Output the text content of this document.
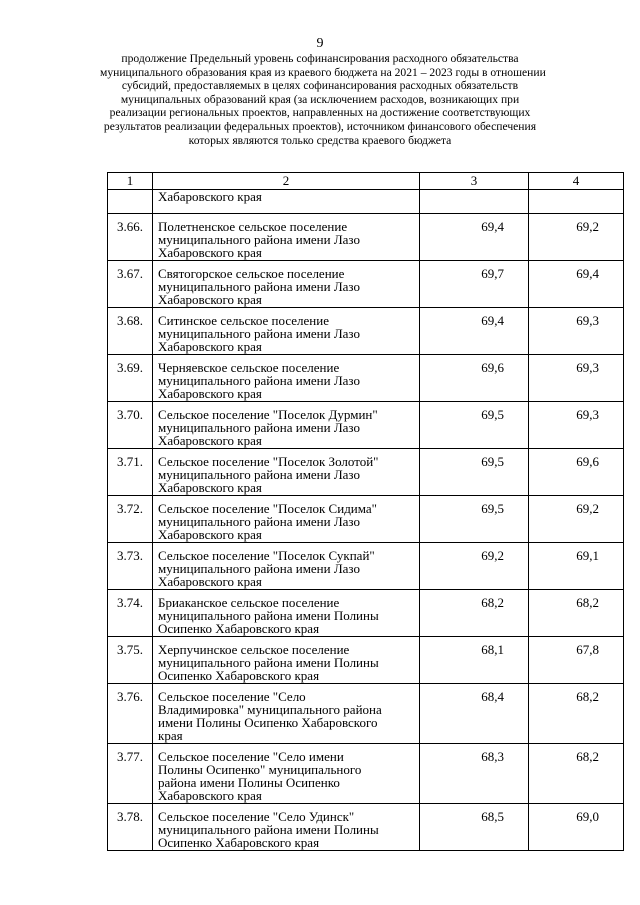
9
продолжение Предельный уровень софинансирования расходного обязательства
муниципального образования края из краевого бюджета на 2021 – 2023 годы в отношении
субсидий, предоставляемых в целях софинансирования расходных обязательств
муниципальных образований края (за исключением расходов, возникающих при
реализации региональных проектов, направленных на достижение соответствующих
результатов реализации федеральных проектов), источником финансового обеспечения
которых являются только средства краевого бюджета
1	2	3	4

	Хабаровского края		

3.66.	Полетненское сельское поселение
муниципального района имени Лазо
Хабаровского края	69,4	69,2
3.67.	Святогорское сельское поселение
муниципального района имени Лазо
Хабаровского края	69,7	69,4
3.68.	Ситинское сельское поселение
муниципального района имени Лазо
Хабаровского края	69,4	69,3
3.69.	Черняевское сельское поселение
муниципального района имени Лазо
Хабаровского края	69,6	69,3
3.70.	Сельское поселение "Поселок Дурмин"
муниципального района имени Лазо
Хабаровского края	69,5	69,3
3.71.	Сельское поселение "Поселок Золотой"
муниципального района имени Лазо
Хабаровского края	69,5	69,6
3.72.	Сельское поселение "Поселок Сидима"
муниципального района имени Лазо
Хабаровского края	69,5	69,2
3.73.	Сельское поселение "Поселок Сукпай"
муниципального района имени Лазо
Хабаровского края	69,2	69,1
3.74.	Бриаканское сельское поселение
муниципального района имени Полины
Осипенко Хабаровского края	68,2	68,2
3.75.	Херпучинское сельское поселение
муниципального района имени Полины
Осипенко Хабаровского края	68,1	67,8
3.76.	Сельское поселение "Село
Владимировка" муниципального района
имени Полины Осипенко Хабаровского
края	68,4	68,2
3.77.	Сельское поселение "Село имени
Полины Осипенко" муниципального
района имени Полины Осипенко
Хабаровского края	68,3	68,2
3.78.	Сельское поселение "Село Удинск"
муниципального района имени Полины
Осипенко Хабаровского края	68,5	69,0
